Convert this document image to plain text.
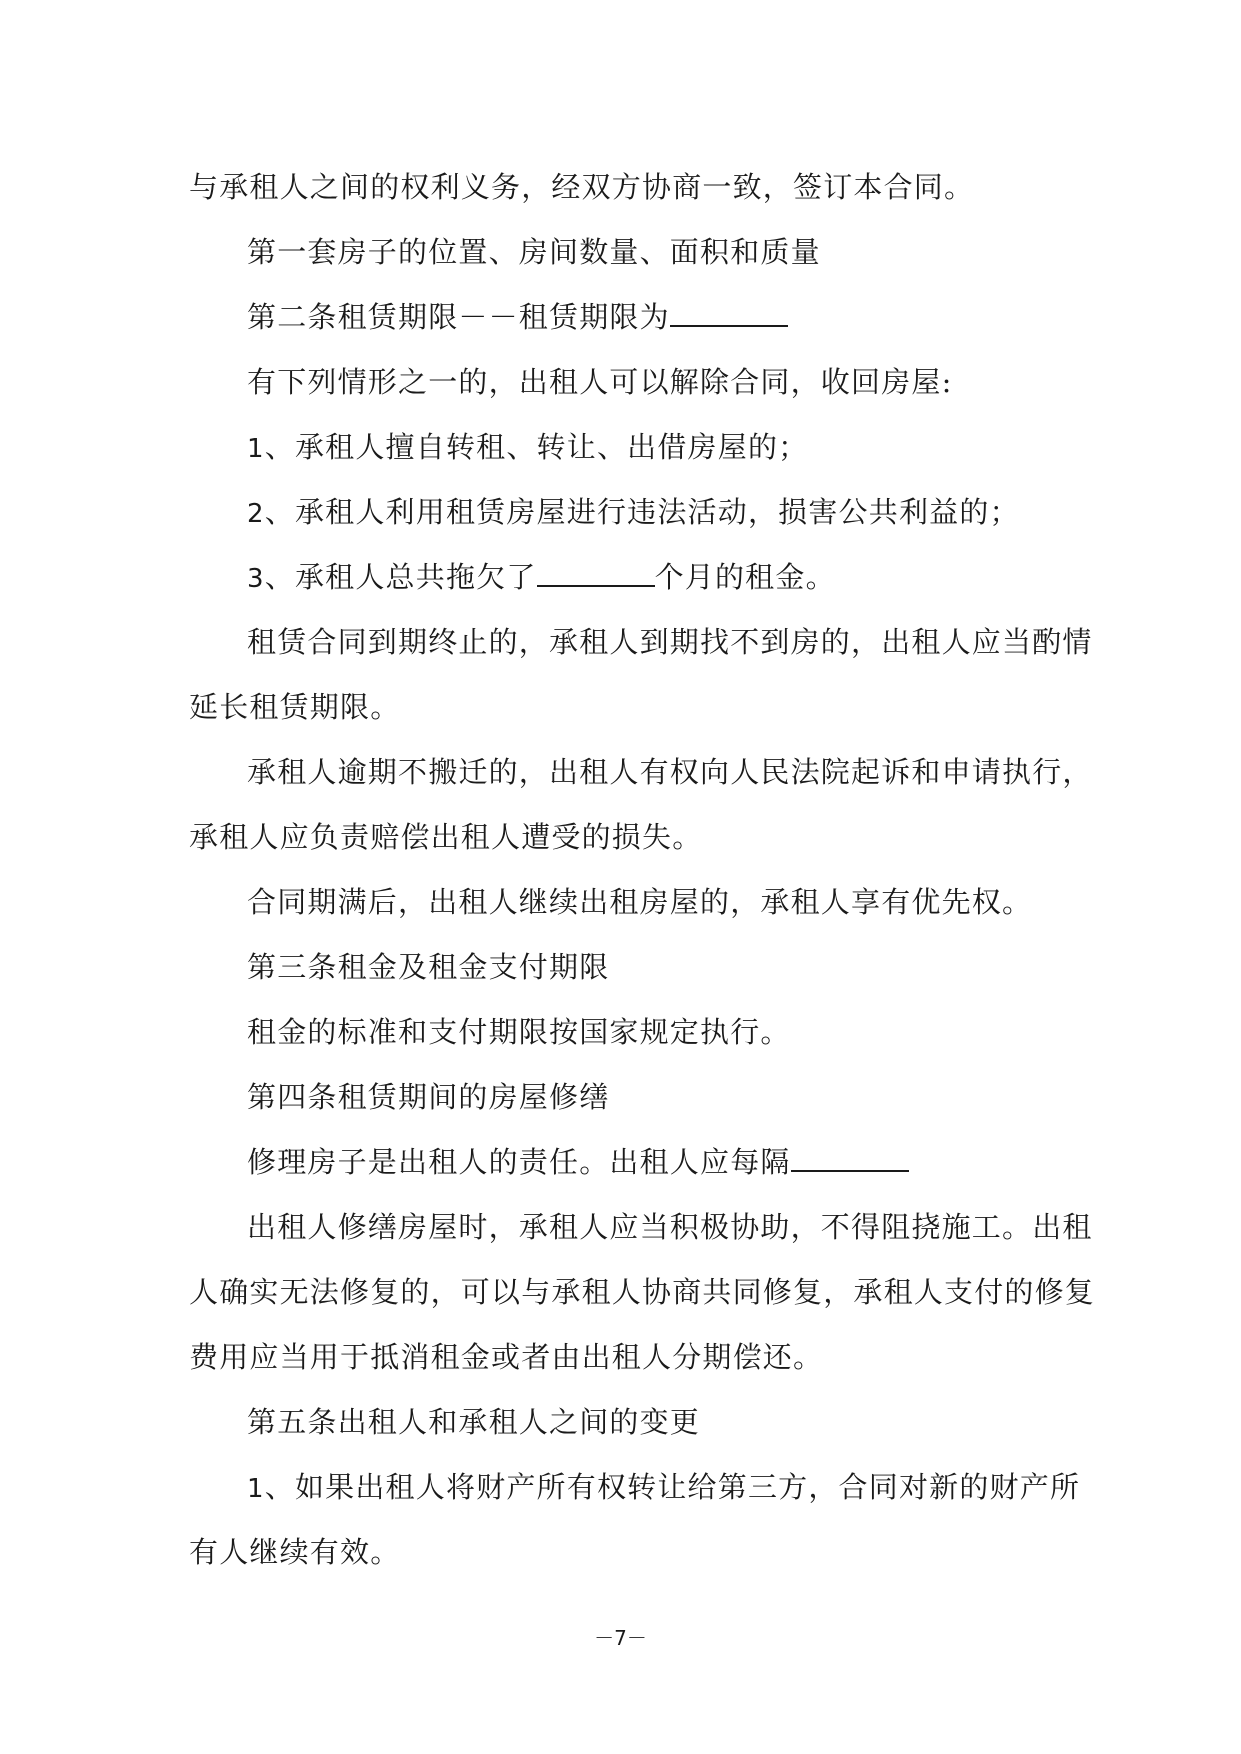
与承租人之间的权利义务，经双方协商一致，签订本合同。
第一套房子的位置、房间数量、面积和质量
第二条租赁期限－－租赁期限为
有下列情形之一的，出租人可以解除合同，收回房屋:
1、承租人擅自转租、转让、出借房屋的；
2、承租人利用租赁房屋进行违法活动，损害公共利益的；
3、承租人总共拖欠了	个月的租金。
租赁合同到期终止的，承租人到期找不到房的，出租人应当酌情
延长租赁期限。
承租人逾期不搬迁的，出租人有权向人民法院起诉和申请执行，
承租人应负责赔偿出租人遭受的损失。
合同期满后，出租人继续出租房屋的，承租人享有优先权。
第三条租金及租金支付期限
租金的标准和支付期限按国家规定执行。
第四条租赁期间的房屋修缮
修理房子是出租人的责任。出租人应每隔
出租人修缮房屋时，承租人应当积极协助，不得阻挠施工。出租
人确实无法修复的，可以与承租人协商共同修复，承租人支付的修复
费用应当用于抵消租金或者由出租人分期偿还。
第五条出租人和承租人之间的变更
1、如果出租人将财产所有权转让给第三方，合同对新的财产所
有人继续有效。
－7－
